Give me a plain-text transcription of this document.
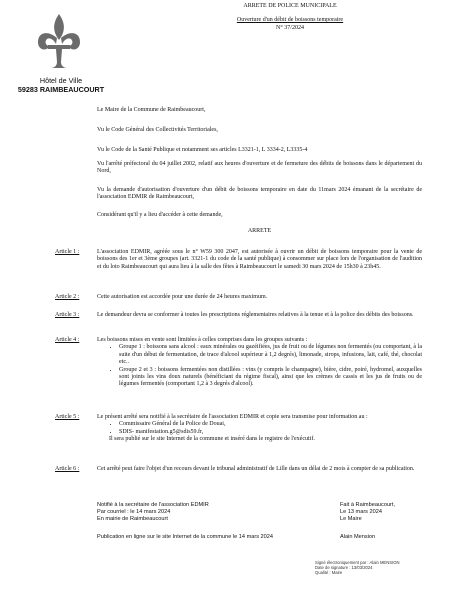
Hôtel de Ville
59283 RAIMBEAUCOURT
ARRETE DE POLICE MUNICIPALE
Ouverture d'un débit de boissons temporaire
N° 37/2024
Le Maire de la Commune de Raimbeaucourt,
Vu le Code Général des Collectivités Territoriales,
Vu le Code de la Santé Publique et notamment ses articles L3321-1, L 3334-2, L3335-4
Vu l'arrêté préfectoral du 04 juillet 2002, relatif aux heures d'ouverture et de fermeture des débits de boissons dans le département du Nord,
Vu la demande d'autorisation d'ouverture d'un débit de boissons temporaire en date du 11mars 2024 émanant de la secrétaire de l'association EDMIR de Raimbeaucourt,
Considérant qu'il y a lieu d'accéder à cette demande,
ARRETE
Article 1 :	L'association EDMIR, agréée sous le n° W59 300 2047, est autorisée à ouvrir un débit de boissons temporaire pour la vente de boissons des 1er et 3ème groupes (art. 3321-1 du code de la santé publique) à consommer sur place lors de l'organisation de l'audition et du loto Raimbeaucourt qui aura lieu à la salle des fêtes à Raimbeaucourt le samedi 30 mars 2024 de 15h30 à 23h45.
Article 2 :	Cette autorisation est accordée pour une durée de 24 heures maximum.
Article 3 :	Le demandeur devra se conformer à toutes les prescriptions réglementaires relatives à la tenue et à la police des débits des boissons.
Article 4 :	Les boissons mises en vente sont limitées à celles comprises dans les groupes suivants :
• Groupe 1 : boissons sans alcool : eaux minérales ou gazéifiées, jus de fruit ou de légumes non fermentés (ou comportant, à la suite d'un début de fermentation, de trace d'alcool supérieur à 1,2 degrés), limonade, sirops, infusions, lait, café, thé, chocolat etc..
• Groupe 2 et 3 : boissons fermentées non distillées : vins (y compris le champagne), bière, cidre, poiré, hydromel, auxquelles sont joints les vins doux naturels (bénéficiant du régime fiscal), ainsi que les crèmes de cassis et les jus de fruits ou de légumes fermentés (comportant 1,2 à 3 degrés d'alcool).
Article 5 :	Le présent arrêté sera notifié à la secrétaire de l'association EDMIR et copie sera transmise pour information au :
• Commissaire Général de la Police de Douai,
• SDIS- manifestation.g5@sdis59.fr,
Il sera publié sur le site Internet de la commune et inséré dans le registre de l'exécutif.
Article 6 :	Cet arrêté peut faire l'objet d'un recours devant le tribunal administratif de Lille dans un délai de 2 mois à compter de sa publication.
Notifié à la secrétaire de l'association EDMIR
Par courriel : le 14 mars 2024
En mairie de Raimbeaucourt
Fait à Raimbeaucourt,
Le 13 mars 2024
Le Maire
Publication en ligne sur le site Internet de la commune le 14 mars 2024	Alain Mension
Signé électroniquement par : Alain MENSION
Date de signature : 13/03/2024
Qualité : Maire
